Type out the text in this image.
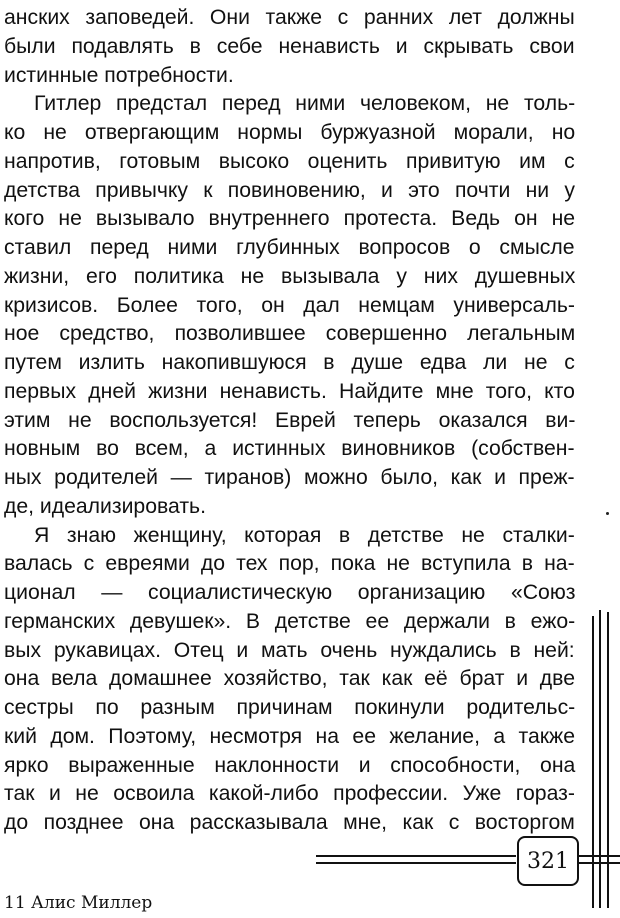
анских заповедей. Они также с ранних лет должны
были подавлять в себе ненависть и скрывать свои
истинные потребности.
Гитлер предстал перед ними человеком, не толь-
ко не отвергающим нормы буржуазной морали, но
напротив, готовым высоко оценить привитую им с
детства привычку к повиновению, и это почти ни у
кого не вызывало внутреннего протеста. Ведь он не
ставил перед ними глубинных вопросов о смысле
жизни, его политика не вызывала у них душевных
кризисов. Более того, он дал немцам универсаль-
ное средство, позволившее совершенно легальным
путем излить накопившуюся в душе едва ли не с
первых дней жизни ненависть. Найдите мне того, кто
этим не воспользуется! Еврей теперь оказался ви-
новным во всем, а истинных виновников (собствен-
ных родителей — тиранов) можно было, как и преж-
де, идеализировать.
Я знаю женщину, которая в детстве не сталки-
валась с евреями до тех пор, пока не вступила в на-
ционал — социалистическую организацию «Союз
германских девушек». В детстве ее держали в ежо-
вых рукавицах. Отец и мать очень нуждались в ней:
она вела домашнее хозяйство, так как её брат и две
сестры по разным причинам покинули родительс-
кий дом. Поэтому, несмотря на ее желание, а также
ярко выраженные наклонности и способности, она
так и не освоила какой-либо профессии. Уже гораз-
до позднее она рассказывала мне, как с восторгом
321
11 Алис Миллер
